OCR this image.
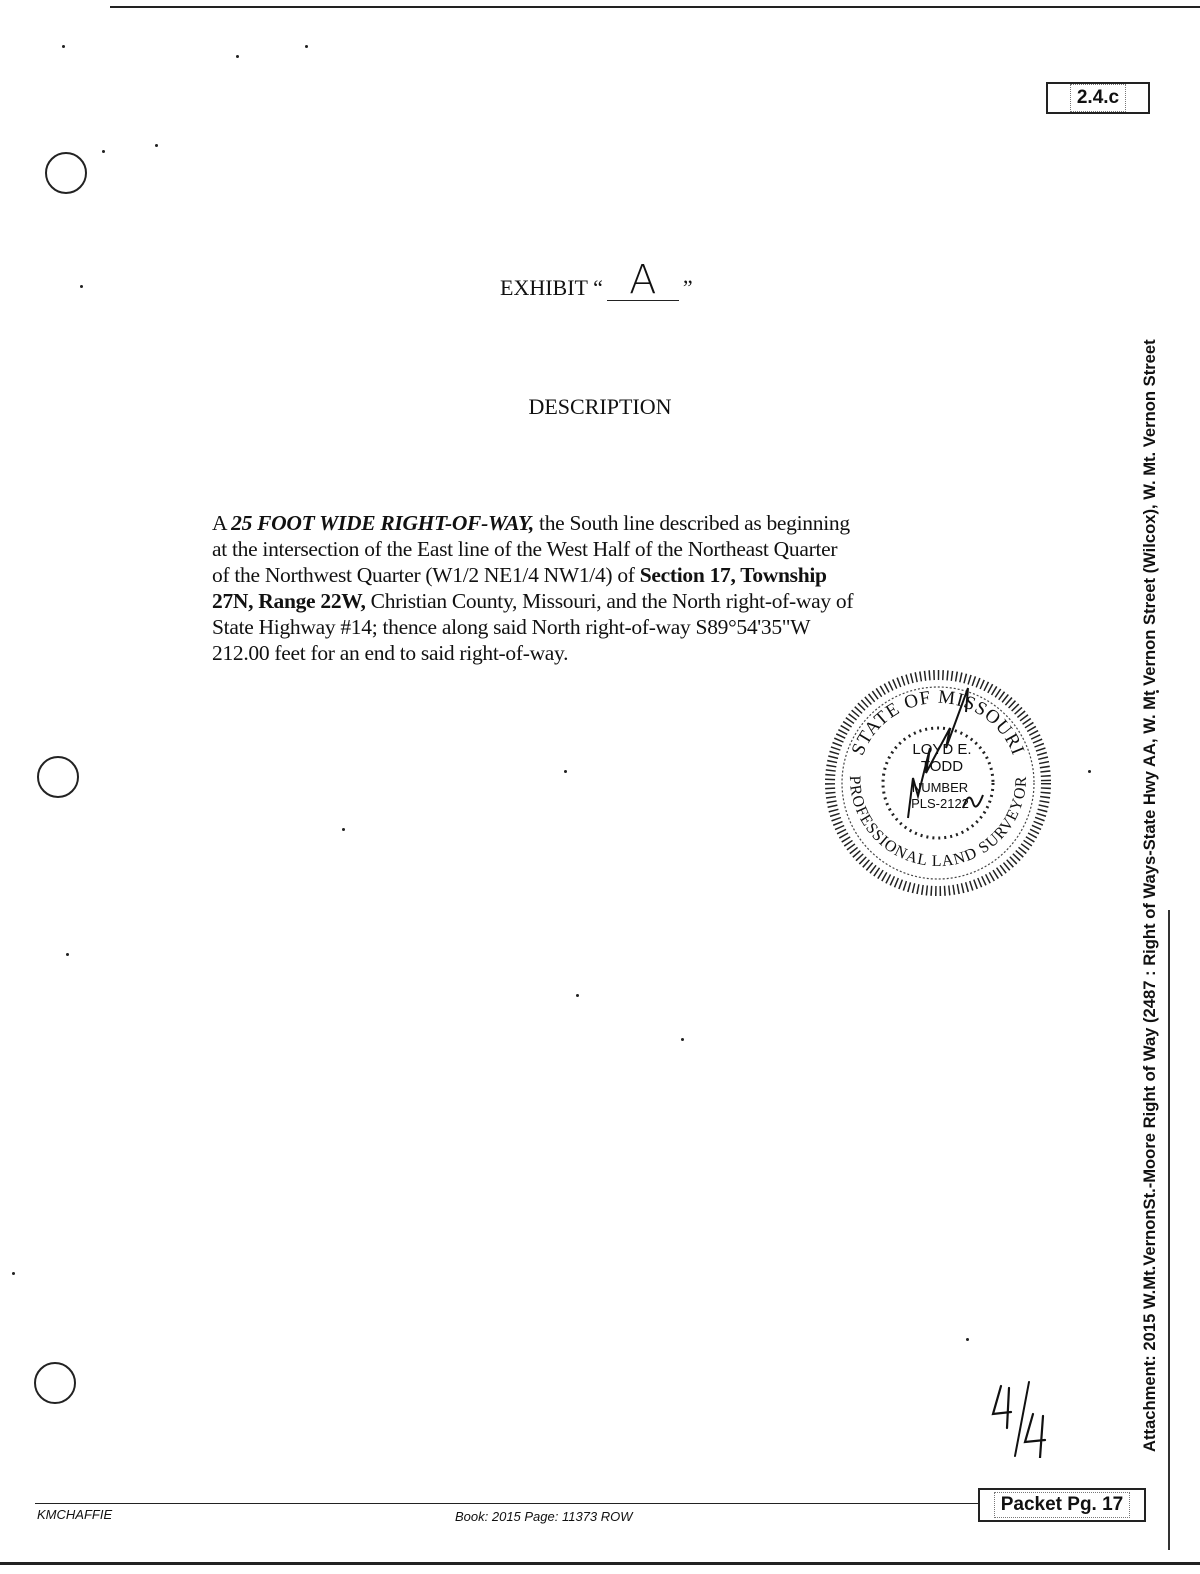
2.4.c
EXHIBIT “ A	”
DESCRIPTION
A 25 FOOT WIDE RIGHT-OF-WAY, the South line described as beginning
at the intersection of the East line of the West Half of the Northeast Quarter
of the Northwest Quarter (W1/2 NE1/4 NW1/4) of Section 17, Township
27N, Range 22W, Christian County, Missouri, and the North right-of-way of
State Highway #14; thence along said North right-of-way S89°54'35"W
212.00 feet for an end to said right-of-way.
STATE OF MISSOURI
PROFESSIONAL LAND SURVEYOR
LOYD E.
TODD
NUMBER
PLS-2122	Attachment: 2015 W.Mt.VernonSt.-Moore Right of Way (2487 : Right of Ways-State Hwy AA, W. Mt Vernon Street (Wilcox), W. Mt. Vernon Street
KMCHAFFIE	Book: 2015 Page: 11373 ROW
Packet Pg. 17
